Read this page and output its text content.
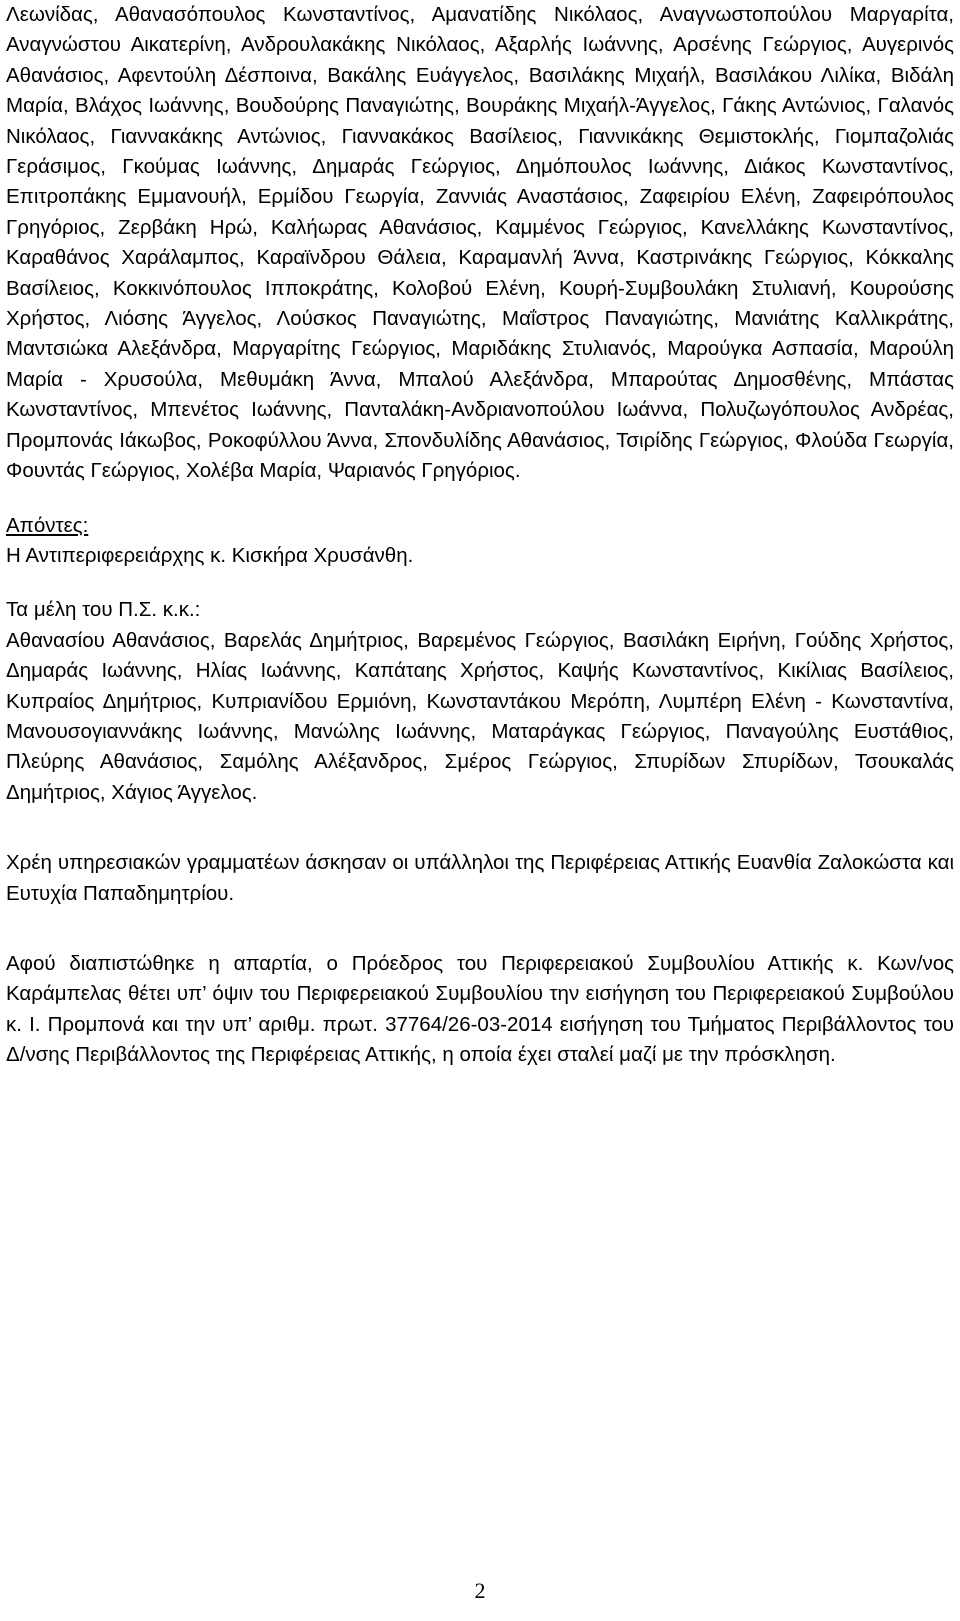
Λεωνίδας, Αθανασόπουλος Κωνσταντίνος, Αμανατίδης Νικόλαος, Αναγνωστοπούλου Μαργαρίτα, Αναγνώστου Αικατερίνη, Ανδρουλακάκης Νικόλαος, Αξαρλής Ιωάννης, Αρσένης Γεώργιος, Αυγερινός Αθανάσιος, Αφεντούλη Δέσποινα, Βακάλης Ευάγγελος, Βασιλάκης Μιχαήλ, Βασιλάκου Λιλίκα, Βιδάλη Μαρία, Βλάχος Ιωάννης, Βουδούρης Παναγιώτης, Βουράκης Μιχαήλ-Άγγελος, Γάκης Αντώνιος, Γαλανός Νικόλαος, Γιαννακάκης Αντώνιος, Γιαννακάκος Βασίλειος, Γιαννικάκης Θεμιστοκλής, Γιομπαζολιάς Γεράσιμος, Γκούμας Ιωάννης, Δημαράς Γεώργιος, Δημόπουλος Ιωάννης, Διάκος Κωνσταντίνος, Επιτροπάκης Εμμανουήλ, Ερμίδου Γεωργία, Ζαννιάς Αναστάσιος, Ζαφειρίου Ελένη, Ζαφειρόπουλος Γρηγόριος, Ζερβάκη Ηρώ, Καλήωρας Αθανάσιος, Καμμένος Γεώργιος, Κανελλάκης Κωνσταντίνος, Καραθάνος Χαράλαμπος, Καραϊνδρου Θάλεια, Καραμανλή Άννα, Καστρινάκης Γεώργιος, Κόκκαλης Βασίλειος, Κοκκινόπουλος Ιπποκράτης, Κολοβού Ελένη, Κουρή-Συμβουλάκη Στυλιανή, Κουρούσης Χρήστος, Λιόσης Άγγελος, Λούσκος Παναγιώτης, Μαΐστρος Παναγιώτης, Μανιάτης Καλλικράτης, Μαντσιώκα Αλεξάνδρα, Μαργαρίτης Γεώργιος, Μαριδάκης Στυλιανός, Μαρούγκα Ασπασία, Μαρούλη Μαρία - Χρυσούλα, Μεθυμάκη Άννα, Μπαλού Αλεξάνδρα, Μπαρούτας Δημοσθένης, Μπάστας Κωνσταντίνος, Μπενέτος Ιωάννης, Πανταλάκη-Ανδριανοπούλου Ιωάννα, Πολυζωγόπουλος Ανδρέας, Προμπονάς Ιάκωβος, Ροκοφύλλου Άννα, Σπονδυλίδης Αθανάσιος, Τσιρίδης Γεώργιος, Φλούδα Γεωργία, Φουντάς Γεώργιος, Χολέβα Μαρία, Ψαριανός Γρηγόριος.

Απόντες:

Η Αντιπεριφερειάρχης κ. Κισκήρα Χρυσάνθη.

Τα μέλη του Π.Σ. κ.κ.:

Αθανασίου Αθανάσιος, Βαρελάς Δημήτριος, Βαρεμένος Γεώργιος, Βασιλάκη Ειρήνη, Γούδης Χρήστος, Δημαράς Ιωάννης, Ηλίας Ιωάννης, Καπάταης Χρήστος, Καψής Κωνσταντίνος, Κικίλιας Βασίλειος, Κυπραίος Δημήτριος, Κυπριανίδου Ερμιόνη, Κωνσταντάκου Μερόπη, Λυμπέρη Ελένη - Κωνσταντίνα, Μανουσογιαννάκης Ιωάννης, Μανώλης Ιωάννης, Ματαράγκας Γεώργιος, Παναγούλης Ευστάθιος, Πλεύρης Αθανάσιος, Σαμόλης Αλέξανδρος, Σμέρος Γεώργιος, Σπυρίδων Σπυρίδων, Τσουκαλάς Δημήτριος, Χάγιος Άγγελος.

Χρέη υπηρεσιακών γραμματέων άσκησαν οι υπάλληλοι της Περιφέρειας Αττικής Ευανθία Ζαλοκώστα και Ευτυχία Παπαδημητρίου.

Αφού διαπιστώθηκε η απαρτία, ο Πρόεδρος του Περιφερειακού Συμβουλίου Αττικής κ. Κων/νος Καράμπελας θέτει υπ’ όψιν του Περιφερειακού Συμβουλίου την εισήγηση του Περιφερειακού Συμβούλου κ. Ι. Προμπονά και την υπ’ αριθμ. πρωτ. 37764/26-03-2014 εισήγηση του Τμήματος Περιβάλλοντος του Δ/νσης Περιβάλλοντος της Περιφέρειας Αττικής, η οποία έχει σταλεί μαζί με την πρόσκληση.

2
